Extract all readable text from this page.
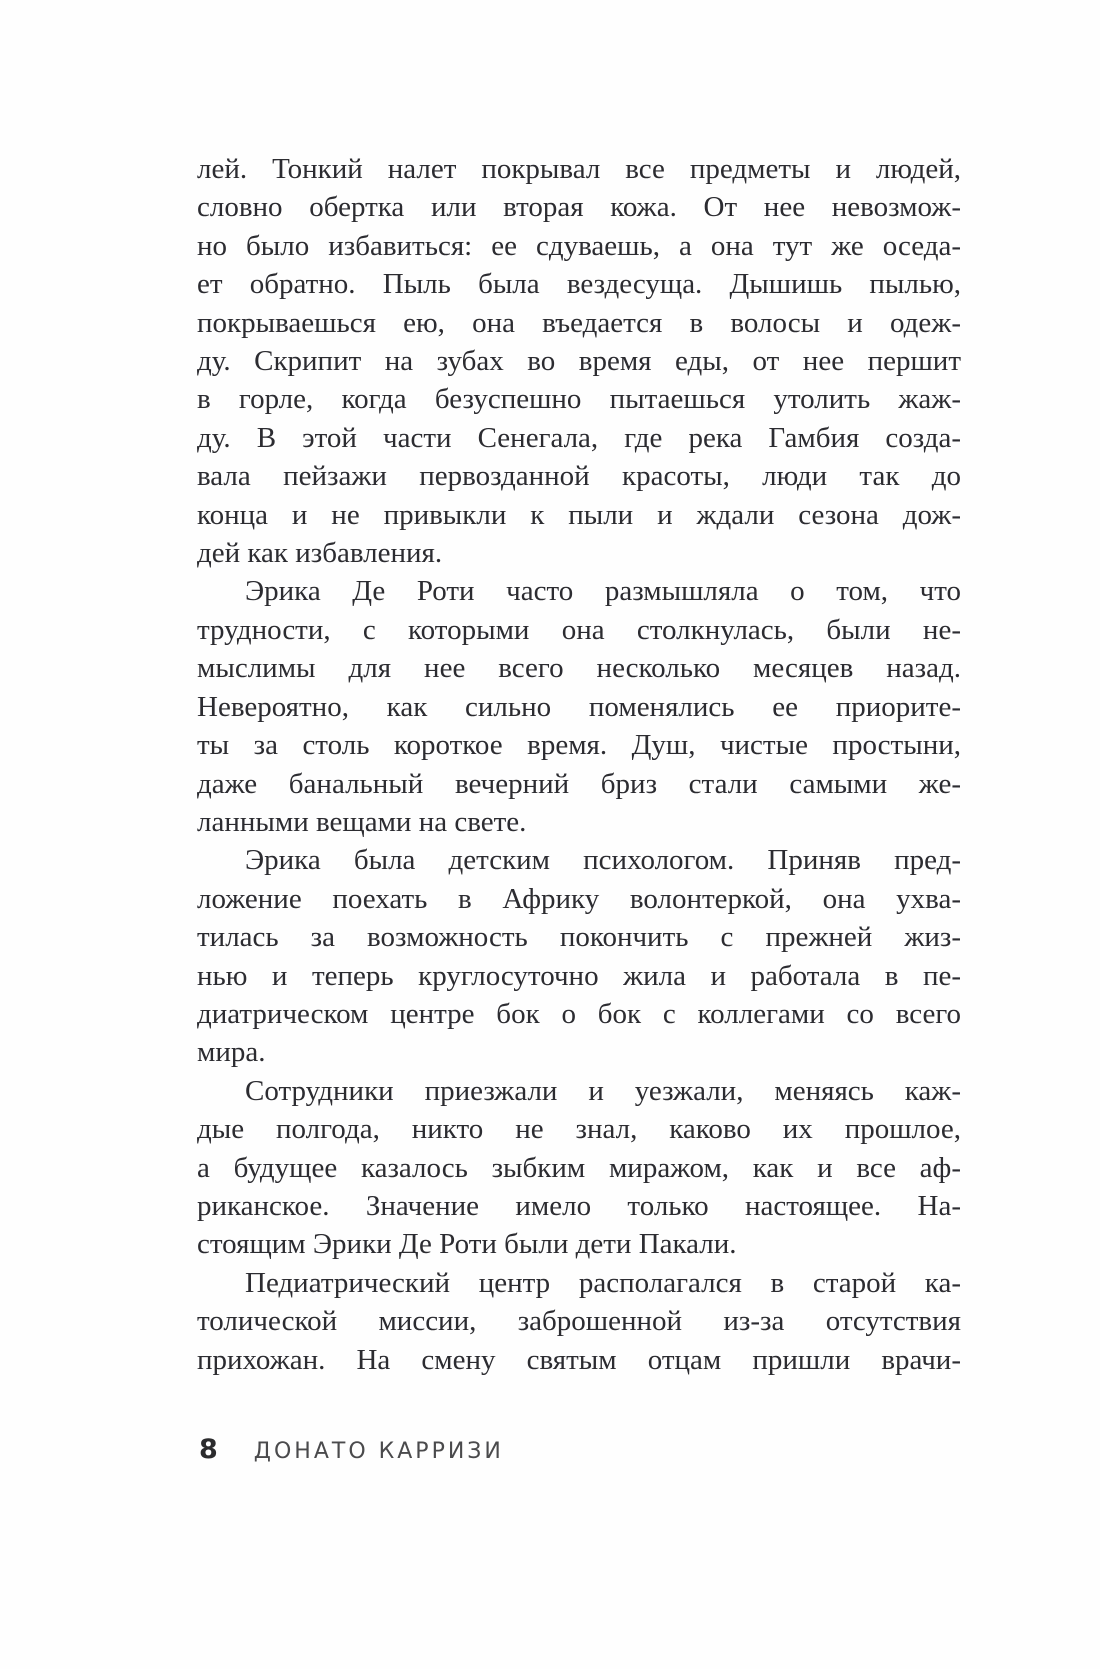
лей. Тонкий налет покрывал все предметы и людей,
словно обертка или вторая кожа. От нее невозмож-
но было избавиться: ее сдуваешь, а она тут же оседа-
ет обратно. Пыль была вездесуща. Дышишь пылью,
покрываешься ею, она въедается в волосы и одеж-
ду. Скрипит на зубах во время еды, от нее першит
в горле, когда безуспешно пытаешься утолить жаж-
ду. В этой части Сенегала, где река Гамбия созда-
вала пейзажи первозданной красоты, люди так до
конца и не привыкли к пыли и ждали сезона дож-
дей как избавления.
Эрика Де Роти часто размышляла о том, что
трудности, с которыми она столкнулась, были не-
мыслимы для нее всего несколько месяцев назад.
Невероятно, как сильно поменялись ее приорите-
ты за столь короткое время. Душ, чистые простыни,
даже банальный вечерний бриз стали самыми же-
ланными вещами на свете.
Эрика была детским психологом. Приняв пред-
ложение поехать в Африку волонтеркой, она ухва-
тилась за возможность покончить с прежней жиз-
нью и теперь круглосуточно жила и работала в пе-
диатрическом центре бок о бок с коллегами со всего
мира.
Сотрудники приезжали и уезжали, меняясь каж-
дые полгода, никто не знал, каково их прошлое,
а будущее казалось зыбким миражом, как и все аф-
риканское. Значение имело только настоящее. На-
стоящим Эрики Де Роти были дети Пакали.
Педиатрический центр располагался в старой ка-
толической миссии, заброшенной из-за отсутствия
прихожан. На смену святым отцам пришли врачи-
8 ДОНАТО КАРРИЗИ
